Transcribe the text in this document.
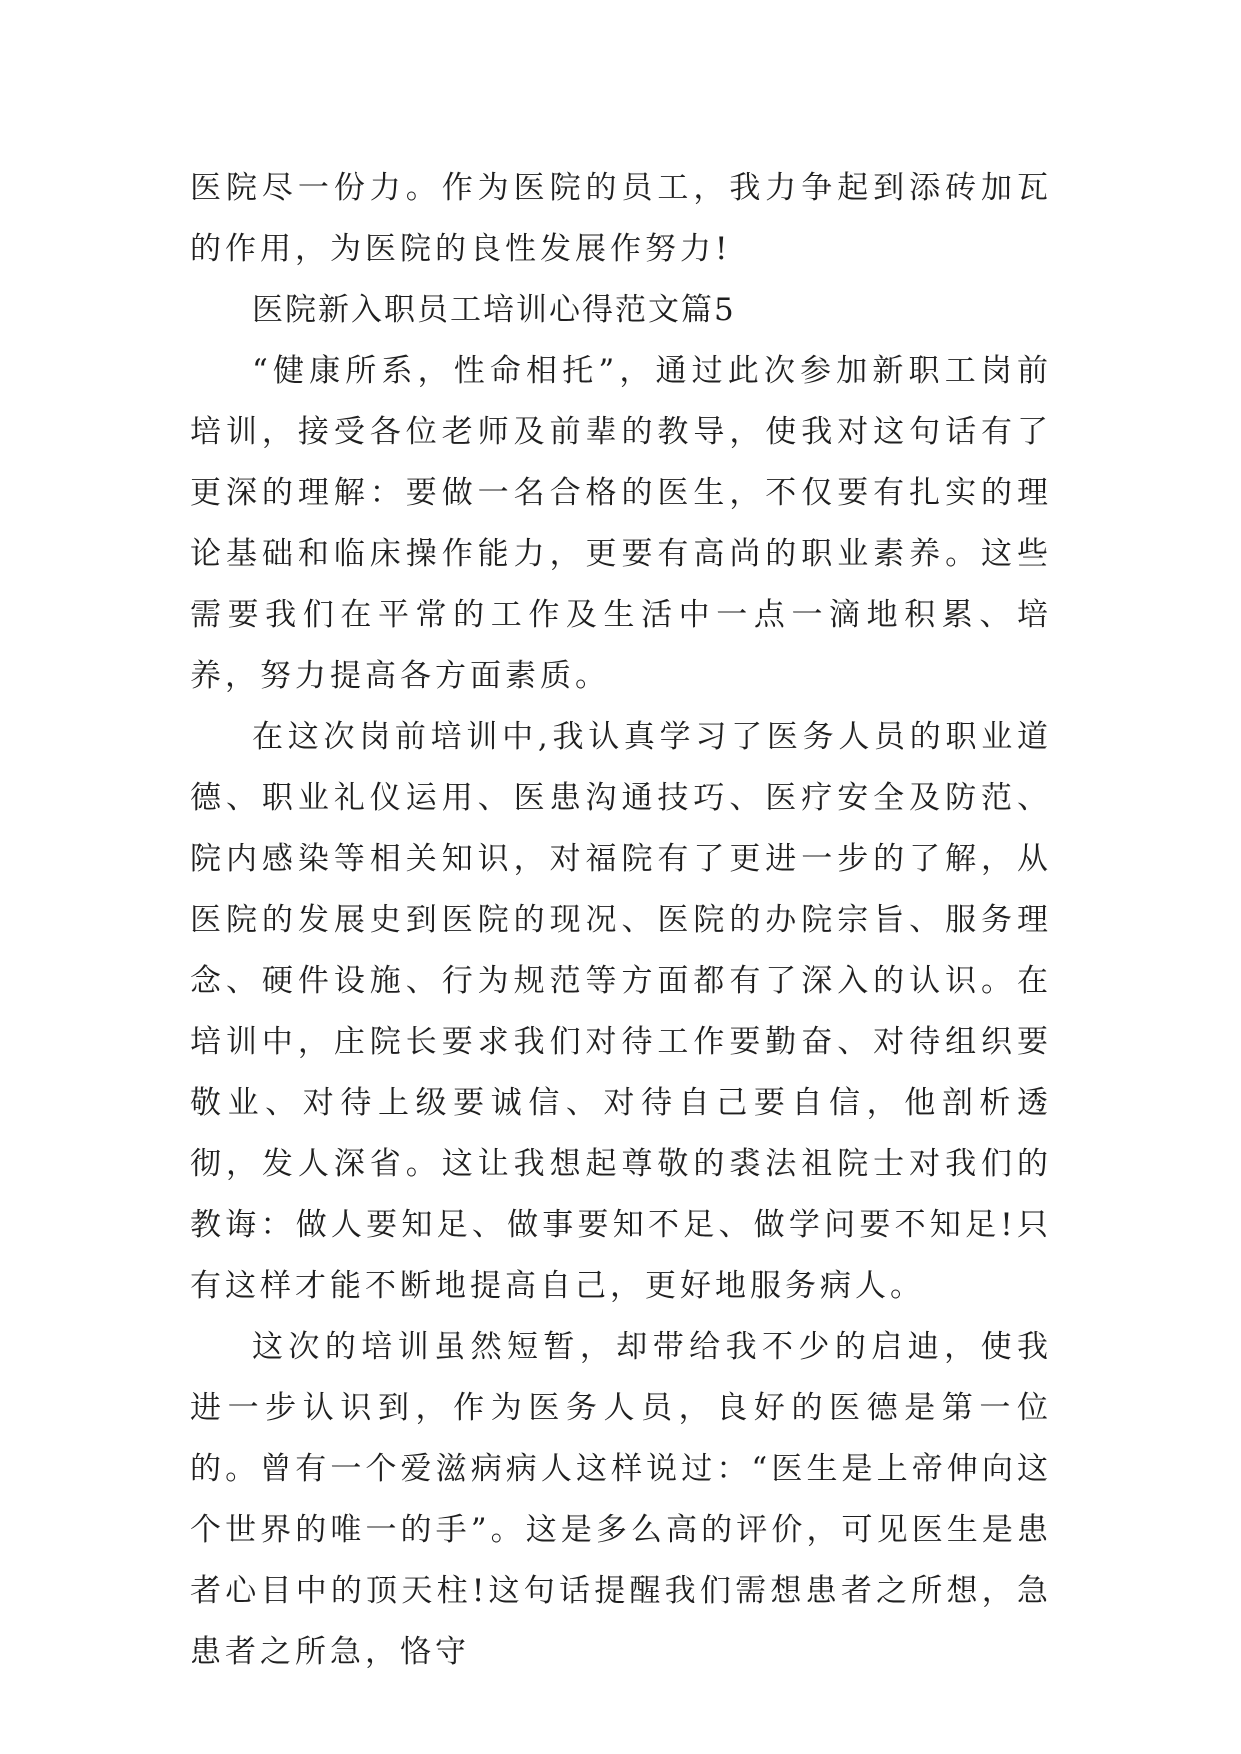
医院尽一份力。作为医院的员工，我力争起到添砖加瓦的作用，为医院的良性发展作努力!

医院新入职员工培训心得范文篇5

“健康所系，性命相托”，通过此次参加新职工岗前培训，接受各位老师及前辈的教导，使我对这句话有了更深的理解：要做一名合格的医生，不仅要有扎实的理论基础和临床操作能力，更要有高尚的职业素养。这些需要我们在平常的工作及生活中一点一滴地积累、培养，努力提高各方面素质。

在这次岗前培训中,我认真学习了医务人员的职业道德、职业礼仪运用、医患沟通技巧、医疗安全及防范、院内感染等相关知识，对福院有了更进一步的了解，从医院的发展史到医院的现况、医院的办院宗旨、服务理念、硬件设施、行为规范等方面都有了深入的认识。在培训中，庄院长要求我们对待工作要勤奋、对待组织要敬业、对待上级要诚信、对待自己要自信，他剖析透彻，发人深省。这让我想起尊敬的裘法祖院士对我们的教诲：做人要知足、做事要知不足、做学问要不知足!只有这样才能不断地提高自己，更好地服务病人。

这次的培训虽然短暂，却带给我不少的启迪，使我进一步认识到，作为医务人员，良好的医德是第一位的。曾有一个爱滋病病人这样说过：“医生是上帝伸向这个世界的唯一的手”。这是多么高的评价，可见医生是患者心目中的顶天柱!这句话提醒我们需想患者之所想，急患者之所急，恪守
